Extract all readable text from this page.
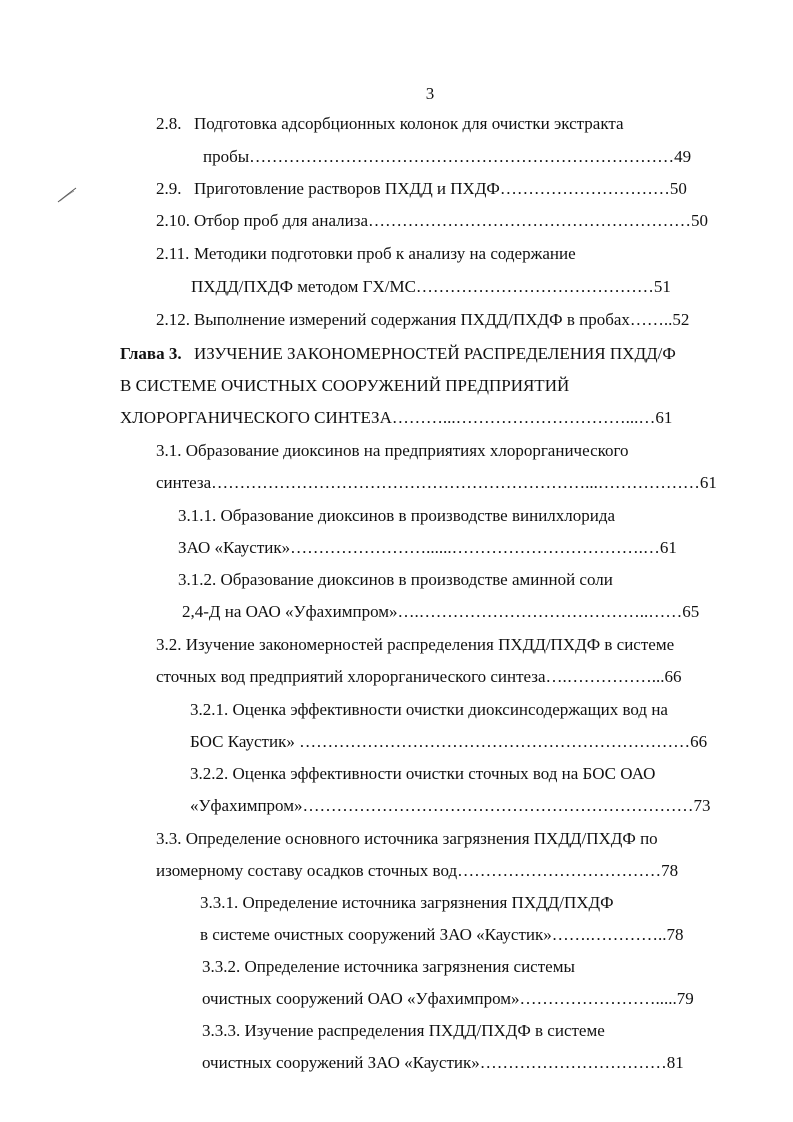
3
2.8. Подготовка адсорбционных колонок для очистки экстракта
пробы…………………………………………………………………49
2.9. Приготовление растворов ПХДД и ПХДФ…………………………50
2.10. Отбор проб для анализа…………………………………………………50
2.11. Методики подготовки проб к анализу на содержание
ПХДД/ПХДФ методом ГХ/МС……………………………………51
2.12. Выполнение измерений содержания ПХДД/ПХДФ в пробах……..52
Глава 3. ИЗУЧЕНИЕ ЗАКОНОМЕРНОСТЕЙ РАСПРЕДЕЛЕНИЯ ПХДД/Ф
В СИСТЕМЕ ОЧИСТНЫХ СООРУЖЕНИЙ ПРЕДПРИЯТИЙ
ХЛОРОРГАНИЧЕСКОГО СИНТЕЗА………...…………………………...…61
3.1. Образование диоксинов на предприятиях хлорорганического
синтеза…………………………………………………………...………………61
3.1.1. Образование диоксинов в производстве винилхлорида
ЗАО «Каустик»……………………......…………………………….…61
3.1.2. Образование диоксинов в производстве аминной соли
2,4-Д на ОАО «Уфахимпром»….…………………………………..……65
3.2. Изучение закономерностей распределения ПХДД/ПХДФ в системе
сточных вод предприятий хлорорганического синтеза….……………...66
3.2.1. Оценка эффективности очистки диоксинсодержащих вод на
БОС Каустик» ……………………………………………………………66
3.2.2. Оценка эффективности очистки сточных вод на БОС ОАО
«Уфахимпром»……………………………………………………………73
3.3. Определение основного источника загрязнения ПХДД/ПХДФ по
изомерному составу осадков сточных вод………………………………78
3.3.1. Определение источника загрязнения ПХДД/ПХДФ
в системе очистных сооружений ЗАО «Каустик»…….…………..78
3.3.2. Определение источника загрязнения системы
очистных сооружений ОАО «Уфахимпром»…………………….....79
3.3.3. Изучение распределения ПХДД/ПХДФ в системе
очистных сооружений ЗАО «Каустик»……………………………81
